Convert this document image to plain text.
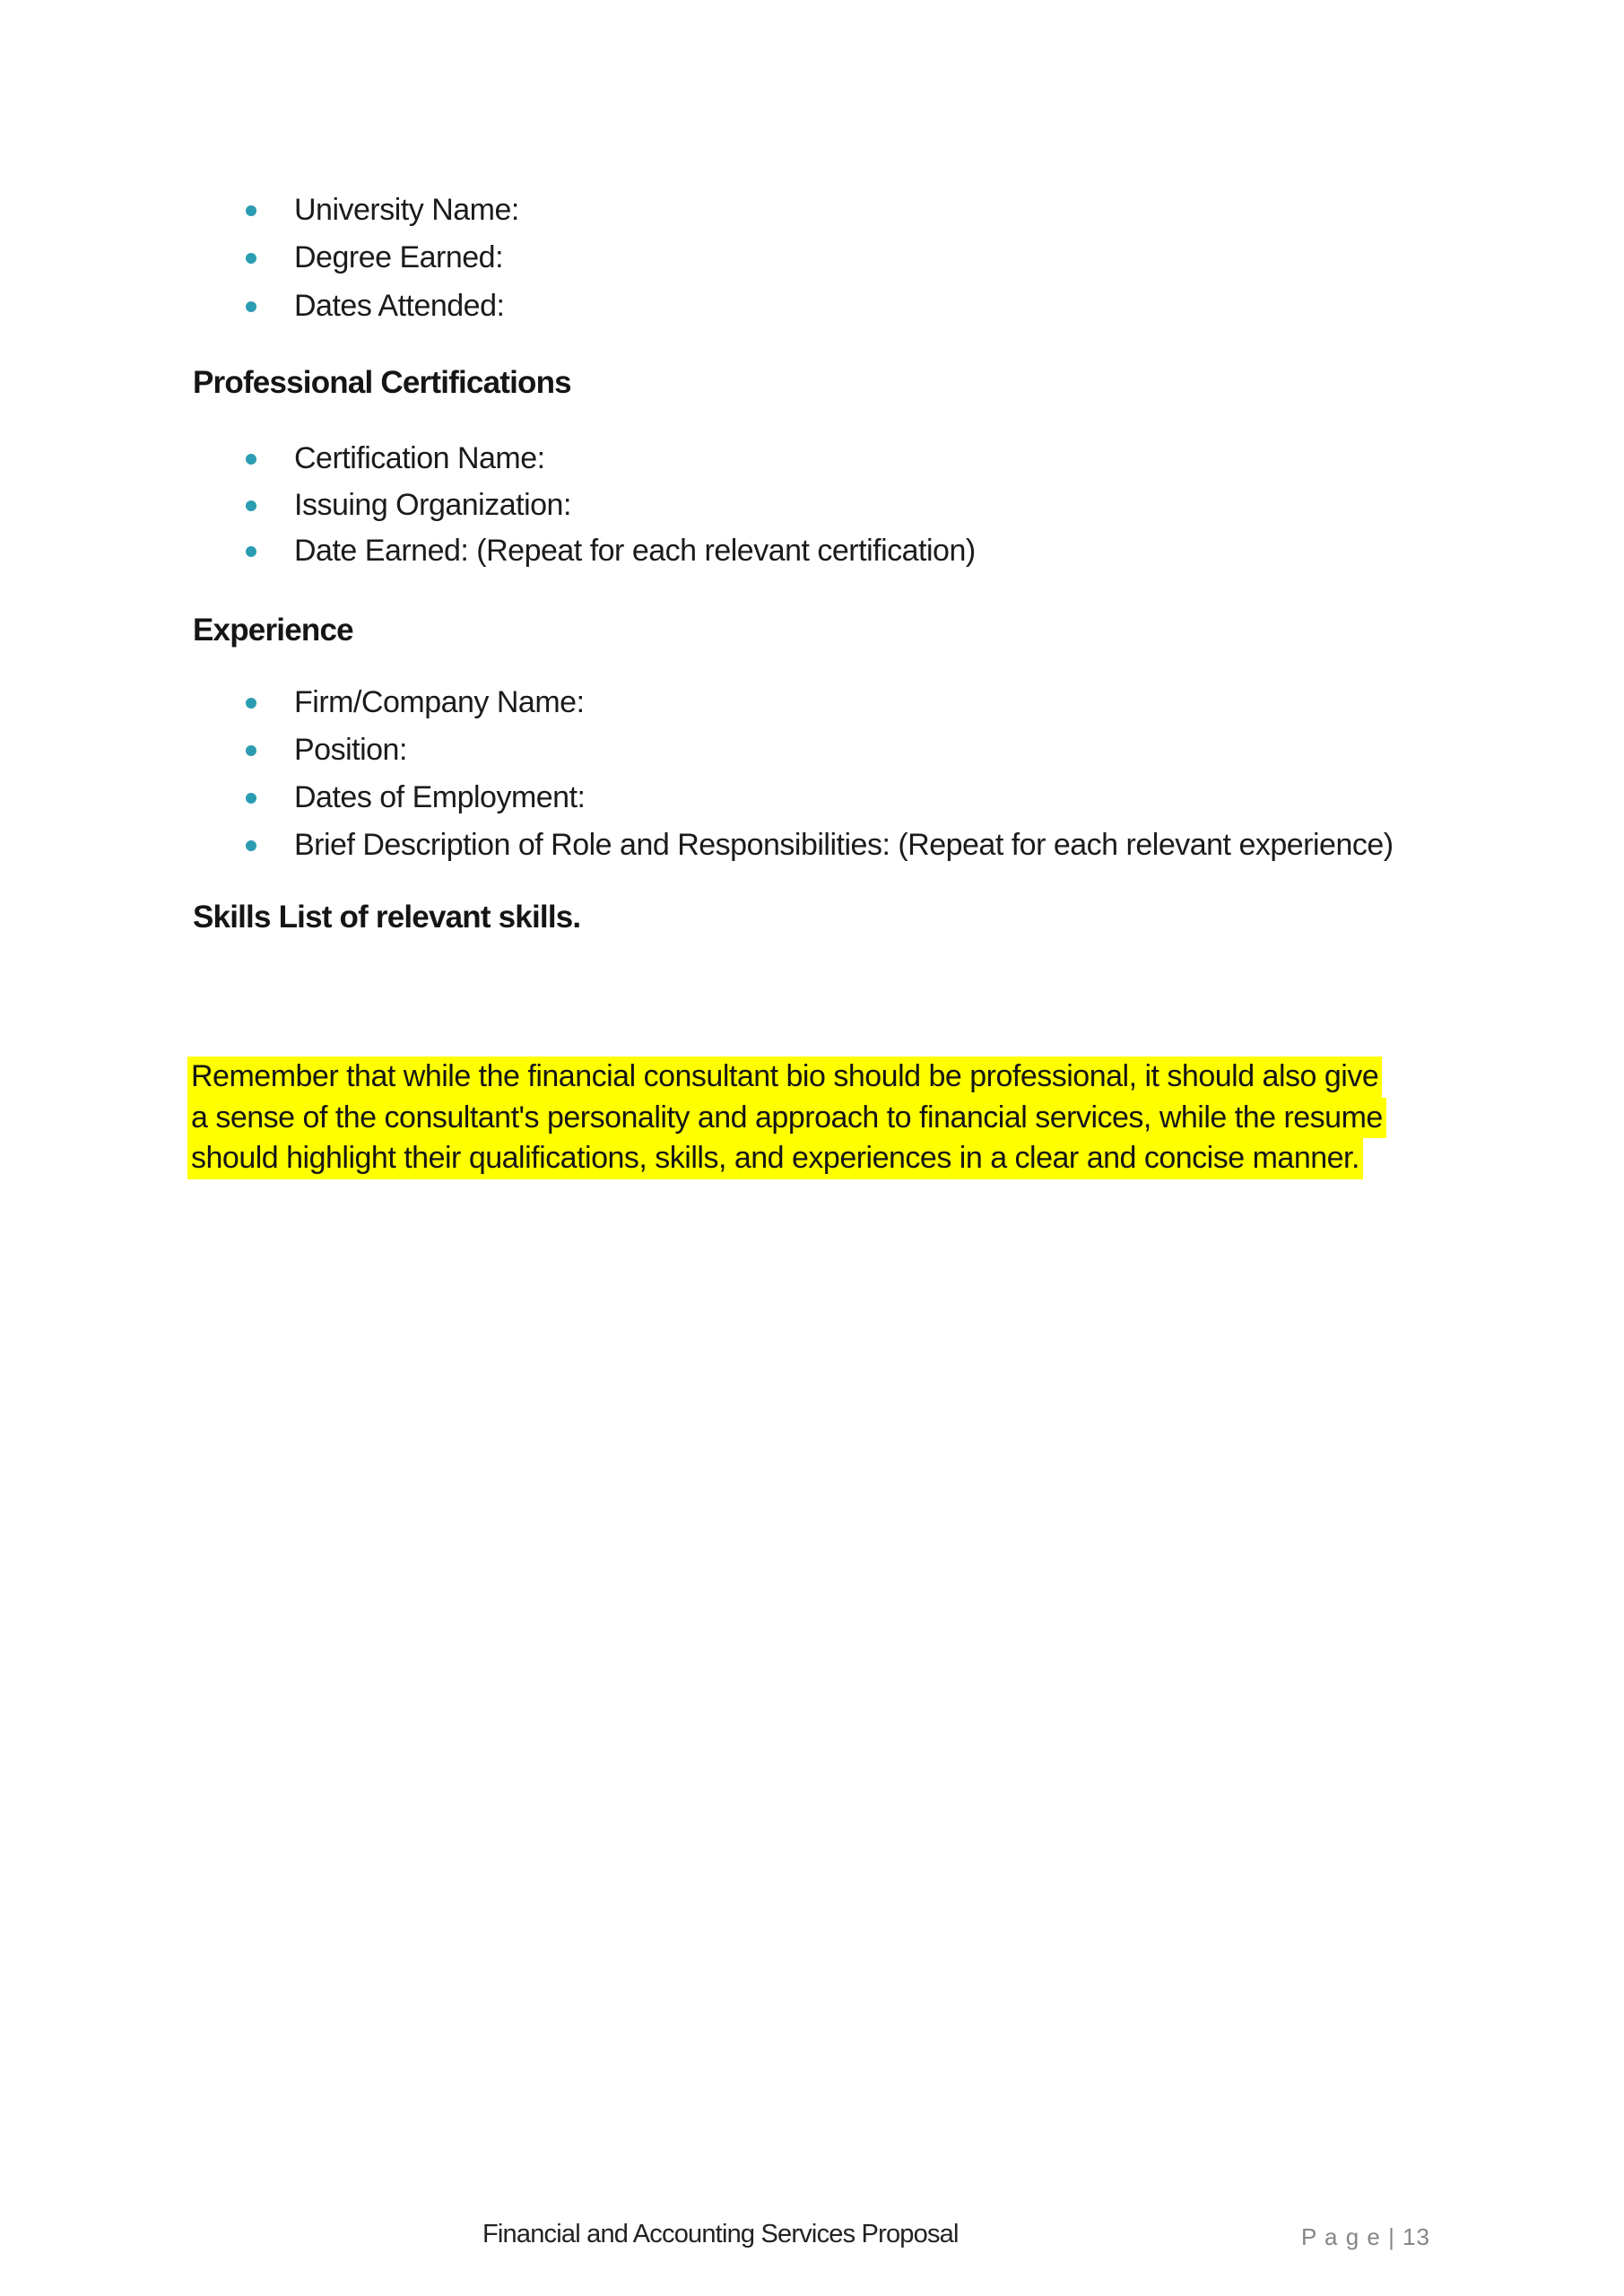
University Name:
Degree Earned:
Dates Attended:
Professional Certifications
Certification Name:
Issuing Organization:
Date Earned: (Repeat for each relevant certification)
Experience
Firm/Company Name:
Position:
Dates of Employment:
Brief Description of Role and Responsibilities: (Repeat for each relevant experience)
Skills List of relevant skills.
Remember that while the financial consultant bio should be professional, it should also give
a sense of the consultant's personality and approach to financial services, while the resume
should highlight their qualifications, skills, and experiences in a clear and concise manner.
Financial and Accounting Services Proposal	P a g e | 13
